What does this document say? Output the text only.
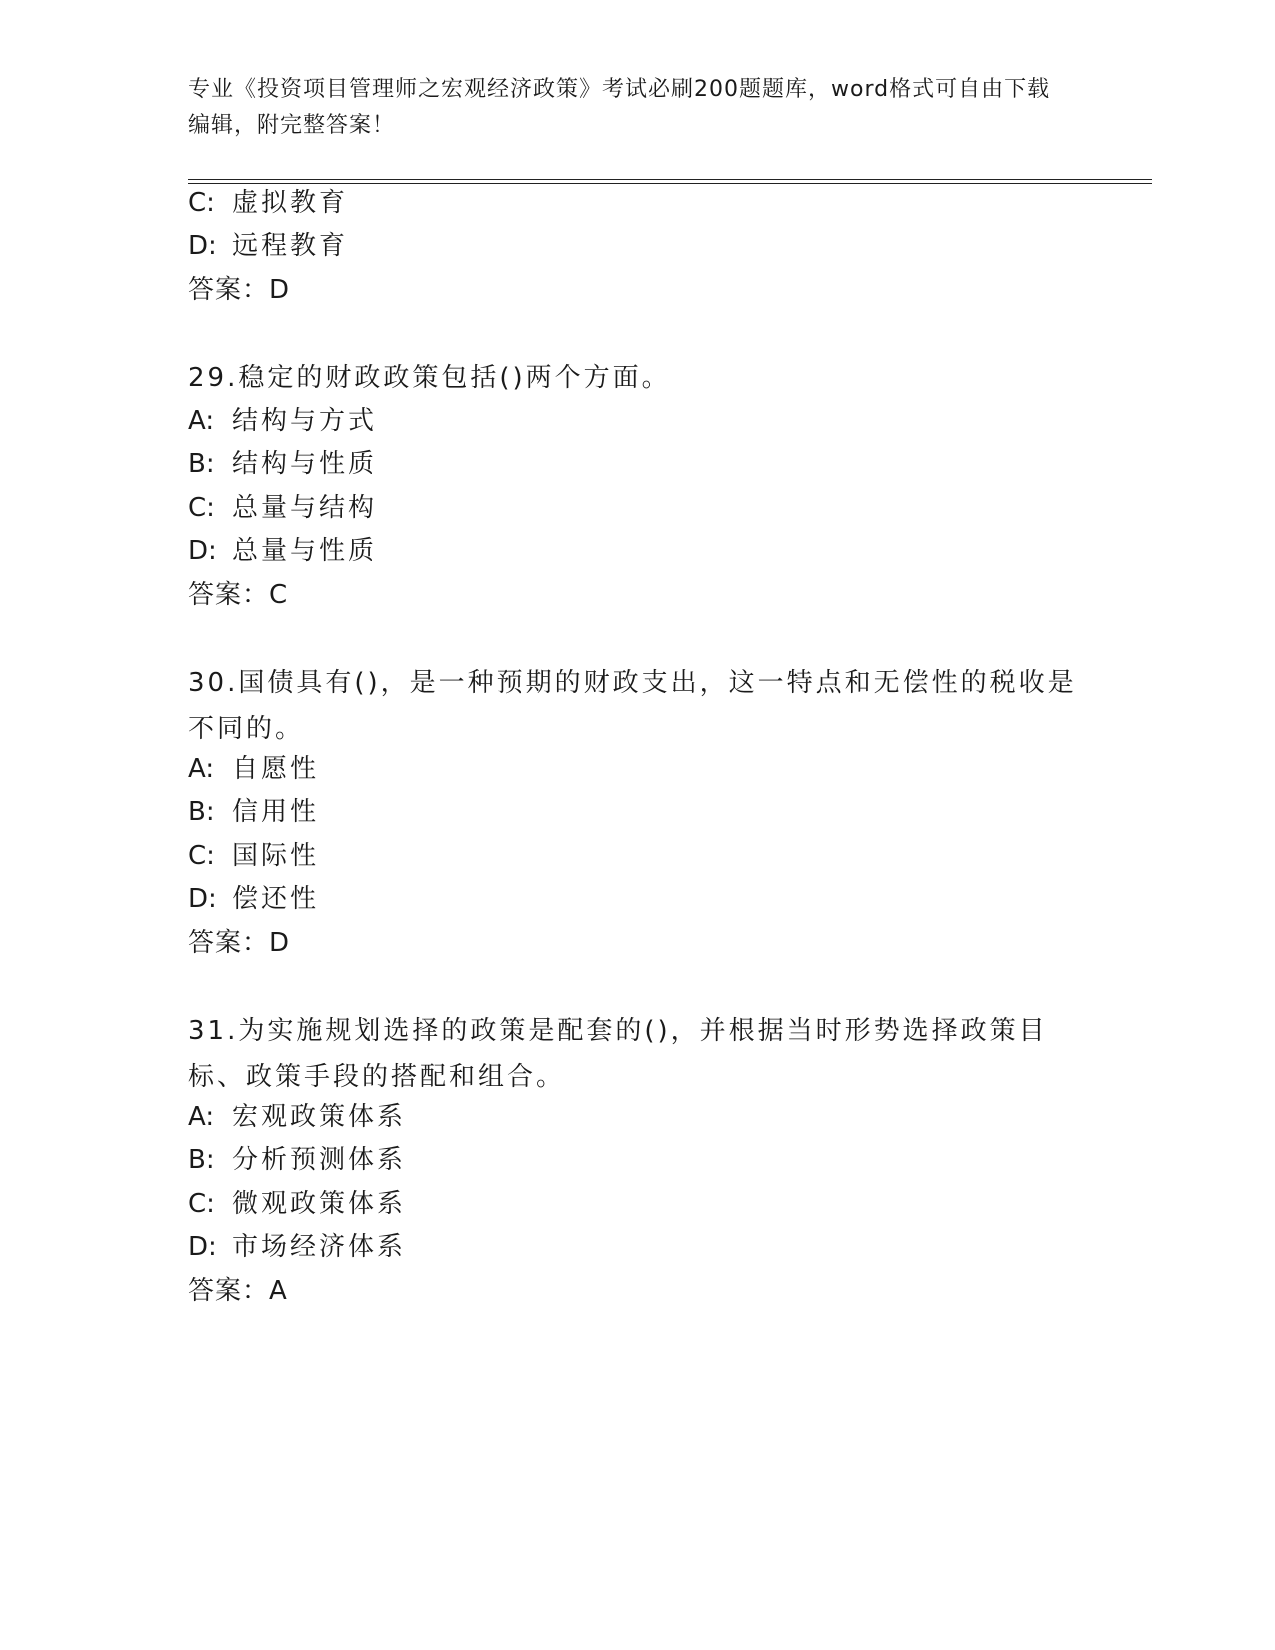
专业《投资项目管理师之宏观经济政策》考试必刷200题题库，word格式可自由下载编辑，附完整答案！
C: 虚拟教育
D: 远程教育
答案：D
29.稳定的财政政策包括()两个方面。
A: 结构与方式
B: 结构与性质
C: 总量与结构
D: 总量与性质
答案：C
30.国债具有()，是一种预期的财政支出，这一特点和无偿性的税收是不同的。
A: 自愿性
B: 信用性
C: 国际性
D: 偿还性
答案：D
31.为实施规划选择的政策是配套的()，并根据当时形势选择政策目标、政策手段的搭配和组合。
A: 宏观政策体系
B: 分析预测体系
C: 微观政策体系
D: 市场经济体系
答案：A
